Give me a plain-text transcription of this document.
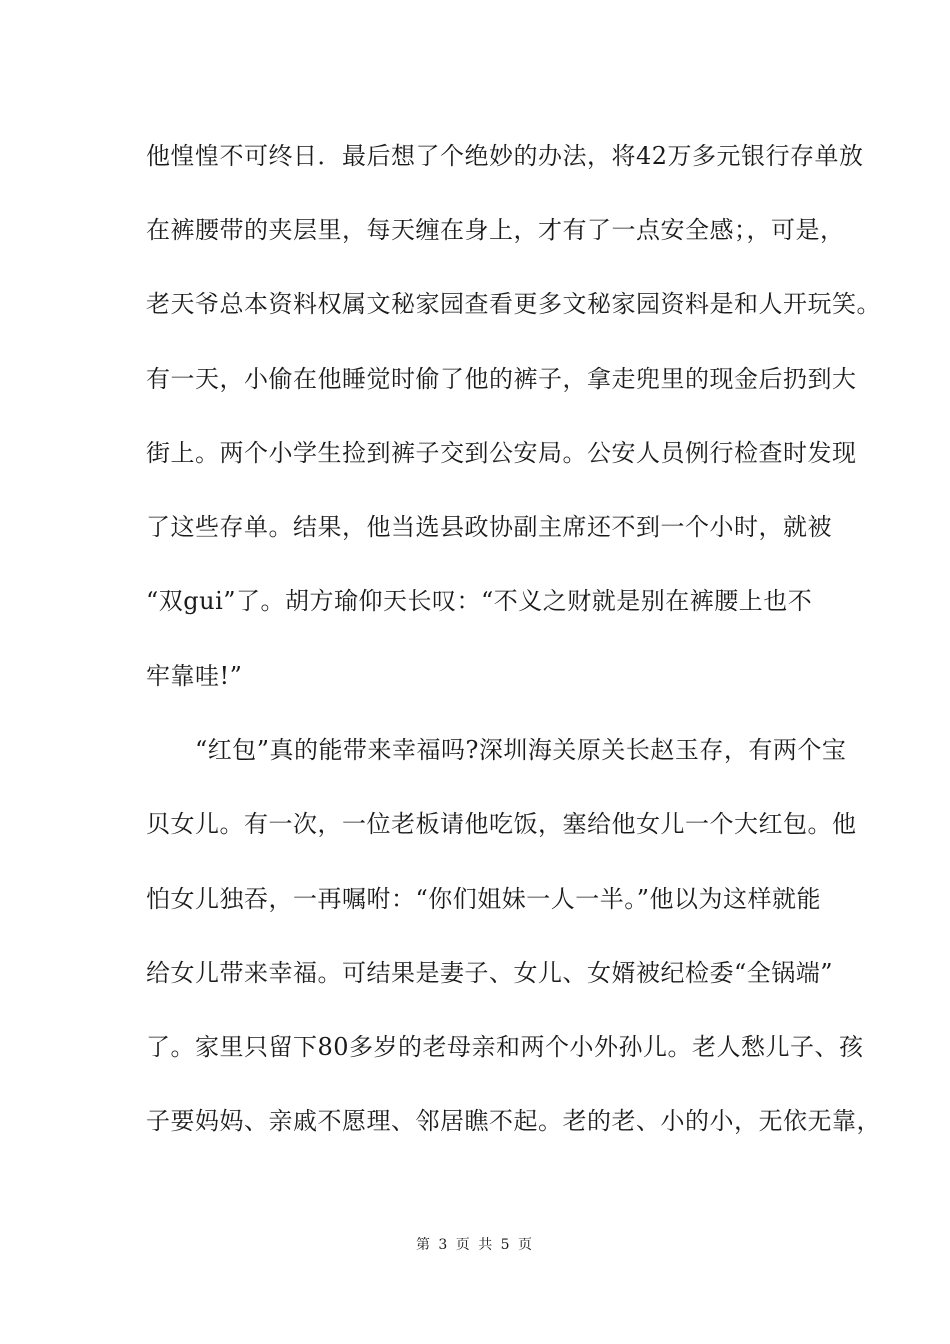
他惶惶不可终日．最后想了个绝妙的办法，将42万多元银行存单放
在裤腰带的夹层里，每天缠在身上，才有了一点安全感；，可是，
老天爷总本资料权属文秘家园查看更多文秘家园资料是和人开玩笑。
有一天，小偷在他睡觉时偷了他的裤子，拿走兜里的现金后扔到大
街上。两个小学生捡到裤子交到公安局。公安人员例行检查时发现
了这些存单。结果，他当选县政协副主席还不到一个小时，就被
“双gui”了。胡方瑜仰天长叹：“不义之财就是别在裤腰上也不
牢靠哇!”
　　“红包”真的能带来幸福吗?深圳海关原关长赵玉存，有两个宝
贝女儿。有一次，一位老板请他吃饭，塞给他女儿一个大红包。他
怕女儿独吞，一再嘱咐：“你们姐妹一人一半。”他以为这样就能
给女儿带来幸福。可结果是妻子、女儿、女婿被纪检委“全锅端”
了。家里只留下80多岁的老母亲和两个小外孙儿。老人愁儿子、孩
子要妈妈、亲戚不愿理、邻居瞧不起。老的老、小的小，无依无靠，
第 3 页 共 5 页
